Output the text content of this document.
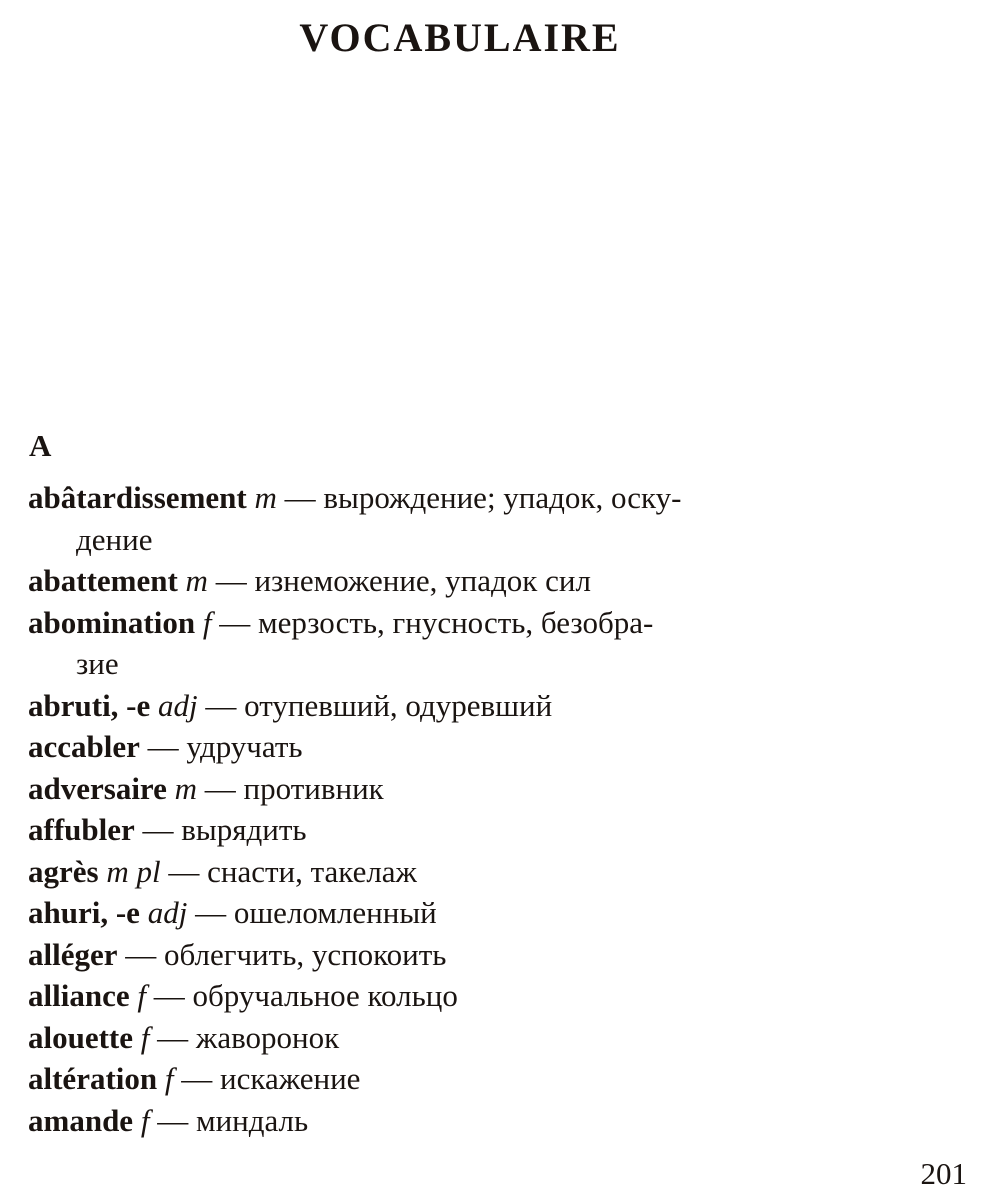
VOCABULAIRE
A
abâtardissement m — вырождение; упадок, оску-
дение
abattement m — изнеможение, упадок сил
abomination f — мерзость, гнусность, безобра-
зие
abruti, -e adj — отупевший, одуревший
accabler — удручать
adversaire m — противник
affubler — вырядить
agrès m pl — снасти, такелаж
ahuri, -e adj — ошеломленный
alléger — облегчить, успокоить
alliance f — обручальное кольцо
alouette f — жаворонок
altération f — искажение
amande f — миндаль
201
